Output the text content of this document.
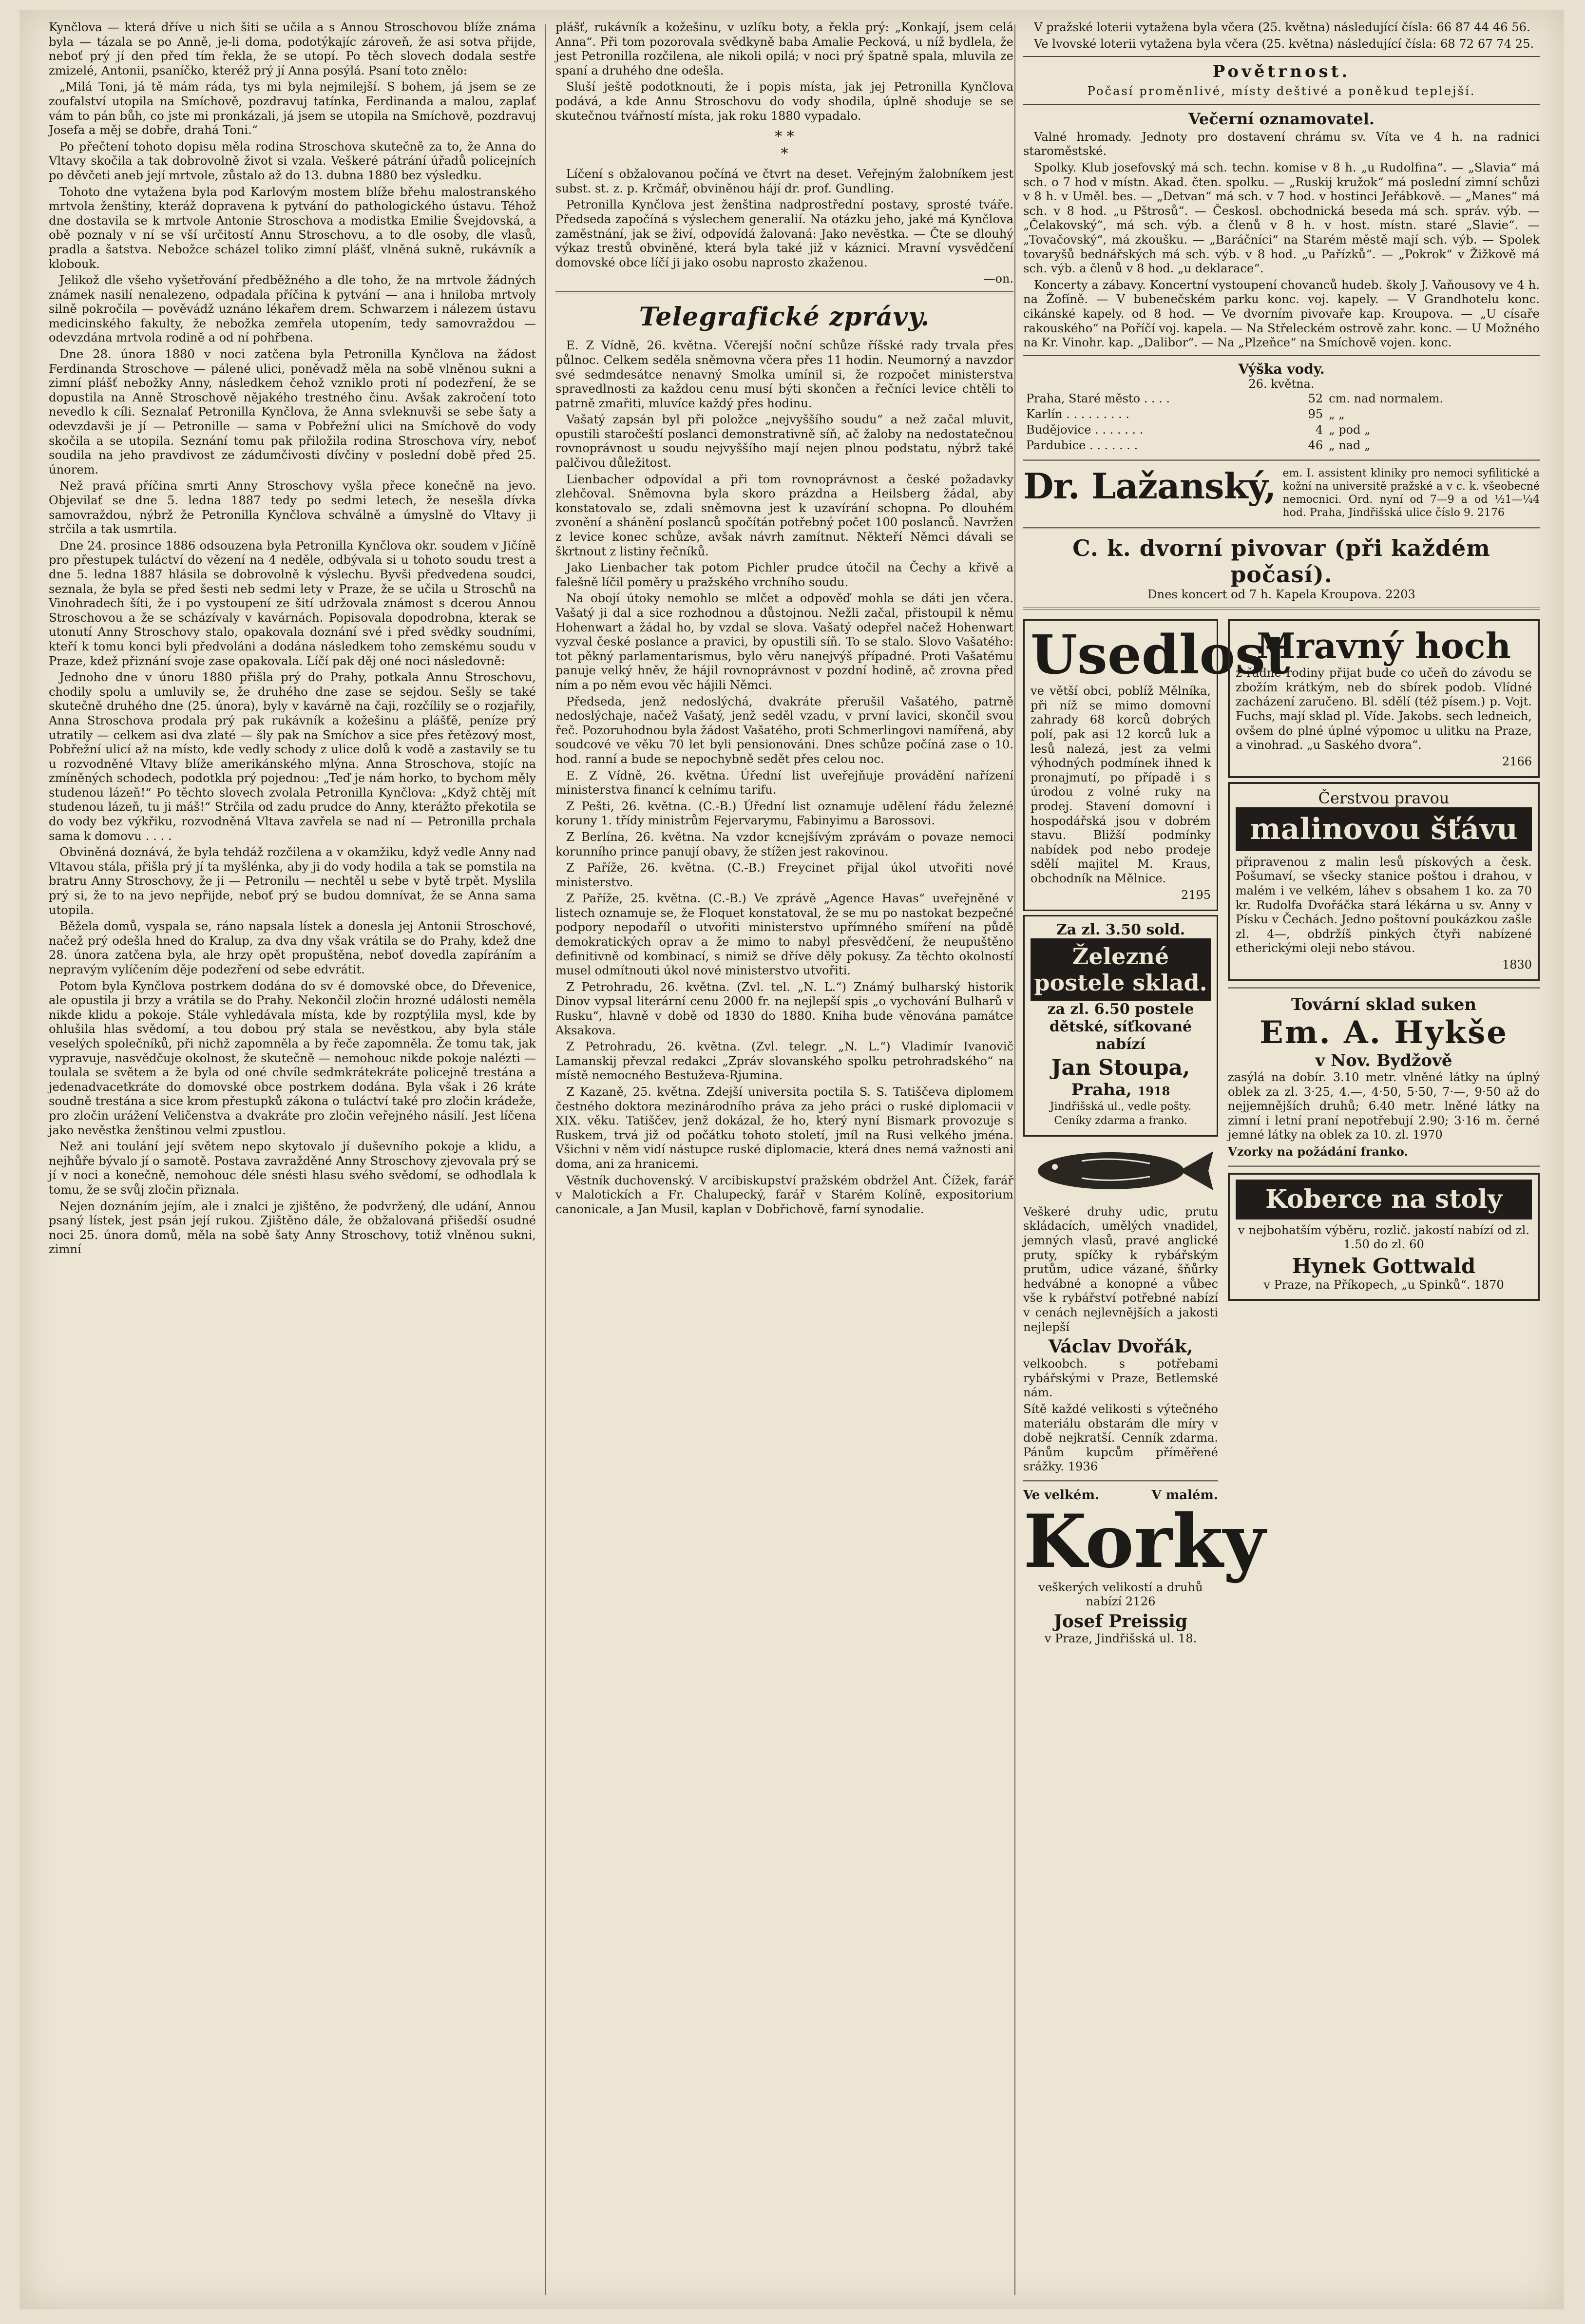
Kynčlova — která dříve u nich šiti se učila a s Annou Stroschovou blíže známa byla — tázala se po Anně, je-li doma, podotýkajíc zároveň, že asi sotva přijde, neboť prý jí den před tím řekla, že se utopí. Po těch slovech dodala sestře zmizelé, Antonii, psaníčko, kteréž prý jí Anna posýlá. Psaní toto znělo:

„Milá Toni, já tě mám ráda, tys mi byla nejmilejší. S bohem, já jsem se ze zoufalství utopila na Smíchově, pozdravuj tatínka, Ferdinanda a malou, zaplať vám to pán bůh, co jste mi pronkázali, já jsem se utopila na Smíchově, pozdravuj Josefa a měj se dobře, drahá Toni.“

Po přečtení tohoto dopisu měla rodina Stroschova skutečně za to, že Anna do Vltavy skočila a tak dobrovolně život si vzala. Veškeré pátrání úřadů policejních po děvčeti aneb její mrtvole, zůstalo až do 13. dubna 1880 bez výsledku.

Tohoto dne vytažena byla pod Karlovým mostem blíže břehu malostranského mrtvola ženštiny, kteráž dopravena k pytvání do pathologického ústavu. Téhož dne dostavila se k mrtvole Antonie Stroschova a modistka Emilie Švejdovská, a obě poznaly v ní se vší určitostí Annu Stroschovu, a to dle osoby, dle vlasů, pradla a šatstva. Nebožce scházel toliko zimní plášť, vlněná sukně, rukávník a klobouk.

Jelikož dle všeho vyšetřování předběžného a dle toho, že na mrtvole žádných známek nasilí nenalezeno, odpadala příčina k pytvání — ana i hniloba mrtvoly silně pokročila — pověvádž uznáno lékařem drem. Schwarzem i nálezem ústavu medicinského fakulty, že nebožka zemřela utopením, tedy samovraždou — odevzdána mrtvola rodině a od ní pohřbena.

Dne 28. února 1880 v noci zatčena byla Petronilla Kynčlova na žádost Ferdinanda Stroschove — pálené ulici, poněvadž měla na sobě vlněnou sukni a zimní plášť nebožky Anny, následkem čehož vzniklo proti ní podezření, že se dopustila na Anně Stroschově nějakého trestného činu. Avšak zakročení toto nevedlo k cíli. Seznalať Petronilla Kynčlova, že Anna svleknuvši se sebe šaty a odevzdavši je jí — Petronille — sama v Pobřežní ulici na Smíchově do vody skočila a se utopila. Seznání tomu pak přiložila rodina Stroschova víry, neboť soudila na jeho pravdivost ze zádumčivosti dívčiny v poslední době před 25. únorem.

Než pravá příčina smrti Anny Stroschovy vyšla přece konečně na jevo. Objevilať se dne 5. ledna 1887 tedy po sedmi letech, že nesešla dívka samovraždou, nýbrž že Petronilla Kynčlova schválně a úmyslně do Vltavy ji strčila a tak usmrtila.

Dne 24. prosince 1886 odsouzena byla Petronilla Kynčlova okr. soudem v Jičíně pro přestupek tuláctví do vězení na 4 neděle, odbývala si u tohoto soudu trest a dne 5. ledna 1887 hlásila se dobrovolně k výslechu. Byvši předvedena soudci, seznala, že byla se před šesti neb sedmi lety v Praze, že se učila u Stroschů na Vinohradech šíti, že i po vystoupení ze šití udržovala známost s dcerou Annou Stroschovou a že se scházívaly v kavárnách. Popisovala dopodrobna, kterak se utonutí Anny Stroschovy stalo, opakovala doznání své i před svědky soudními, kteří k tomu konci byli předvoláni a dodána následkem toho zemskému soudu v Praze, kdež přiznání svoje zase opakovala. Líčí pak děj oné noci následovně:

Jednoho dne v únoru 1880 přišla prý do Prahy, potkala Annu Stroschovu, chodily spolu a umluvily se, že druhého dne zase se sejdou. Sešly se také skutečně druhého dne (25. února), byly v kavárně na čaji, rozčílily se o rozjařily, Anna Stroschova prodala prý pak rukávník a kožešinu a plášťě, peníze prý utratily — celkem asi dva zlaté — šly pak na Smíchov a sice přes řetězový most, Pobřežní ulicí až na místo, kde vedly schody z ulice dolů k vodě a zastavily se tu u rozvodněné Vltavy blíže amerikánského mlýna. Anna Stroschova, stojíc na zmíněných schodech, podotkla prý pojednou: „Teď je nám horko, to bychom měly studenou lázeň!“ Po těchto slovech zvolala Petronilla Kynčlova: „Když chtěj mít studenou lázeň, tu ji máš!“ Strčila od zadu prudce do Anny, kterážto překotila se do vody bez výkřiku, rozvodněná Vltava zavřela se nad ní — Petronilla prchala sama k domovu . . . .

Obviněná doznává, že byla tehdáž rozčilena a v okamžiku, když vedle Anny nad Vltavou stála, přišla prý jí ta myšlénka, aby ji do vody hodila a tak se pomstila na bratru Anny Stroschovy, že ji — Petronilu — nechtěl u sebe v bytě trpět. Myslila prý si, že to na jevo nepřijde, neboť prý se budou domnívat, že se Anna sama utopila.

Běžela domů, vyspala se, ráno napsala lístek a donesla jej Antonii Stroschové, načež prý odešla hned do Kralup, za dva dny však vrátila se do Prahy, kdež dne 28. února zatčena byla, ale hrzy opět propuštěna, neboť dovedla zapíráním a nepravým vylíčením děje podezření od sebe edvrátit.

Potom byla Kynčlova postrkem dodána do sv é domovské obce, do Dřevenice, ale opustila ji brzy a vrátila se do Prahy. Nekončil zločin hrozné události neměla nikde klidu a pokoje. Stále vyhledávala místa, kde by rozptýlila mysl, kde by ohlušila hlas svědomí, a tou dobou prý stala se nevěstkou, aby byla stále veselých společníků, při nichž zapomněla a by řeče zapomněla. Že tomu tak, jak vypravuje, nasvědčuje okolnost, že skutečně — nemohouc nikde pokoje nalézti — toulala se světem a že byla od oné chvíle sedmkrátekráte policejně trestána a jedenadvacetkráte do domovské obce postrkem dodána. Byla však i 26 kráte soudně trestána a sice krom přestupků zákona o tuláctví také pro zločin krádeže, pro zločin urážení Veličenstva a dvakráte pro zločin veřejného násilí. Jest líčena jako nevěstka ženštinou velmi zpustlou.

Než ani toulání její světem nepo skytovalo jí duševního pokoje a klidu, a nejhůře bývalo jí o samotě. Postava zavražděné Anny Stroschovy zjevovala prý se jí v noci a konečně, nemohouc déle snésti hlasu svého svědomí, se odhodlala k tomu, že se svůj zločin přiznala.

Nejen doznáním jejím, ale i znalci je zjištěno, že podvržený, dle udání, Annou psaný lístek, jest psán její rukou. Zjištěno dále, že obžalovaná přišedší osudné noci 25. února domů, měla na sobě šaty Anny Stroschovy, totiž vlněnou sukni, zimní

plášť, rukávník a kožešinu, v uzlíku boty, a řekla prý: „Konkají, jsem celá Anna“. Při tom pozorovala svědkyně baba Amalie Pecková, u níž bydlela, že jest Petronilla rozčilena, ale nikoli opilá; v noci prý špatně spala, mluvila ze spaní a druhého dne odešla.

Sluší ještě podotknouti, že i popis místa, jak jej Petronilla Kynčlova podává, a kde Annu Stroschovu do vody shodila, úplně shoduje se se skutečnou tvářností místa, jak roku 1880 vypadalo.

* *
*

Líčení s obžalovanou počíná ve čtvrt na deset. Veřejným žalobníkem jest subst. st. z. p. Krčmář, obviněnou hájí dr. prof. Gundling.

Petronilla Kynčlova jest ženština nadprostřední postavy, sprosté tváře. Předseda započíná s výslechem generalií. Na otázku jeho, jaké má Kynčlova zaměstnání, jak se živí, odpovídá žalovaná: Jako nevěstka. — Čte se dlouhý výkaz trestů obviněné, která byla také již v káznici. Mravní vysvědčení domovské obce líčí ji jako osobu naprosto zkaženou.

—on.
Telegrafické zprávy.

E. Z Vídně, 26. května. Včerejší noční schůze říšské rady trvala přes půlnoc. Celkem seděla sněmovna včera přes 11 hodin. Neumorný a navzdor své sedmdesátce nenavný Smolka umínil si, že rozpočet ministerstva spravedlnosti za každou cenu musí býti skončen a řečníci levice chtěli to patrně zmařiti, mluvíce každý přes hodinu.

Vašatý zapsán byl při položce „nejvyššího soudu“ a než začal mluvit, opustili staročeští poslanci demonstrativně síň, ač žaloby na nedostatečnou rovnoprávnost u soudu nejvyššího mají nejen plnou podstatu, nýbrž také palčivou důležitost.

Lienbacher odpovídal a při tom rovnoprávnost a české požadavky zlehčoval. Sněmovna byla skoro prázdna a Heilsberg žádal, aby konstatovalo se, zdali sněmovna jest k uzavírání schopna. Po dlouhém zvonění a shánění poslanců spočítán potřebný počet 100 poslanců. Navržen z levice konec schůze, avšak návrh zamítnut. Někteří Němci dávali se škrtnout z listiny řečníků.

Jako Lienbacher tak potom Pichler prudce útočil na Čechy a křivě a falešně líčil poměry u pražského vrchního soudu.

Na obojí útoky nemohlo se mlčet a odpověď mohla se dáti jen včera. Vašatý ji dal a sice rozhodnou a důstojnou. Nežli začal, přistoupil k němu Hohenwart a žádal ho, by vzdal se slova. Vašatý odepřel načež Hohenwart vyzval české poslance a pravici, by opustili síň. To se stalo. Slovo Vašatého: tot pěkný parlamentarismus, bylo věru nanejvýš případné. Proti Vašatému panuje velký hněv, že hájil rovnoprávnost v pozdní hodině, ač zrovna před ním a po něm evou věc hájili Němci.

Předseda, jenž nedoslýchá, dvakráte přerušil Vašatého, patrně nedoslýchaje, načež Vašatý, jenž seděl vzadu, v první lavici, skončil svou řeč. Pozoruhodnou byla žádost Vašatého, proti Schmerlingovi namířená, aby soudcové ve věku 70 let byli pensionováni. Dnes schůze počíná zase o 10. hod. ranní a bude se nepochybně sedět přes celou noc.

E. Z Vídně, 26. května. Úřední list uveřejňuje provádění nařízení ministerstva financí k celnímu tarifu.

Z Pešti, 26. května. (C.-B.) Úřední list oznamuje udělení řádu železné koruny 1. třídy ministrům Fejervarymu, Fabinyimu a Barossovi.

Z Berlína, 26. května. Na vzdor kcnejšívým zprávám o povaze nemoci korunního prince panují obavy, že stížen jest rakovinou.

Z Paříže, 26. května. (C.-B.) Freycinet přijal úkol utvořiti nové ministerstvo.

Z Paříže, 25. května. (C.-B.) Ve zprávě „Agence Havas“ uveřejněné v listech oznamuje se, že Floquet konstatoval, že se mu po nastokat bezpečné podpory nepodaříl o utvořiti ministerstvo upřímného smíření na půdě demokratických oprav a že mimo to nabyl přesvědčení, že neupuštěno definitivně od kombinací, s nimiž se dříve děly pokusy. Za těchto okolností musel odmítnouti úkol nové ministerstvo utvořiti.

Z Petrohradu, 26. května. (Zvl. tel. „N. L.“) Známý bulharský historik Dinov vypsal literární cenu 2000 fr. na nejlepší spis „o vychování Bulharů v Rusku“, hlavně v době od 1830 do 1880. Kniha bude věnována památce Aksakova.

Z Petrohradu, 26. května. (Zvl. telegr. „N. L.“) Vladimír Ivanovič Lamanskij převzal redakci „Zpráv slovanského spolku petrohradského“ na místě nemocného Bestuževa-Rjumina.

Z Kazaně, 25. května. Zdejší universita poctila S. S. Tatiščeva diplomem čestného doktora mezinárodního práva za jeho práci o ruské diplomacii v XIX. věku. Tatiščev, jenž dokázal, že ho, který nyní Bismark provozuje s Ruskem, trvá již od počátku tohoto století, jmíl na Rusi velkého jména. Všichni v něm vidí nástupce ruské diplomacie, která dnes nemá važnosti ani doma, ani za hranicemi.

Věstník duchovenský. V arcibiskupství pražském obdržel Ant. Čížek, farář v Malotickích a Fr. Chalupecký, farář v Starém Kolíně, expositorium canonicale, a Jan Musil, kaplan v Dobřichově, farní synodalie.

V pražské loterii vytažena byla včera (25. května) následující čísla: 66 87 44 46 56.

Ve lvovské loterii vytažena byla včera (25. května) následující čísla: 68 72 67 74 25.

Povětrnost.

Počasí proměnlivé, místy deštivé a poněkud teplejší.

Večerní oznamovatel.

Valné hromady. Jednoty pro dostavení chrámu sv. Víta ve 4 h. na radnici staroměstské.

Spolky. Klub josefovský má sch. techn. komise v 8 h. „u Rudolfina“. — „Slavia“ má sch. o 7 hod v místn. Akad. čten. spolku. — „Ruskij kružok“ má poslední zimní schůzi v 8 h. v Uměl. bes. — „Detvan“ má sch. v 7 hod. v hostinci Jeřábkově. — „Manes“ má sch. v 8 hod. „u Pštrosů“. — Českosl. obchodnická beseda má sch. správ. výb. — „Čelakovský“, má sch. výb. a členů v 8 h. v host. místn. staré „Slavie“. — „Tovačovský“, má zkoušku. — „Baráčníci“ na Starém městě mají sch. výb. — Spolek tovaryšů bednářských má sch. výb. v 8 hod. „u Pařízků“. — „Pokrok“ v Žižkově má sch. výb. a členů v 8 hod. „u deklarace“.

Koncerty a zábavy. Koncertní vystoupení chovanců hudeb. školy J. Vaňousovy ve 4 h. na Žofíně. — V bubenečském parku konc. voj. kapely. — V Grandhotelu konc. cikánské kapely. od 8 hod. — Ve dvorním pivovaře kap. Kroupova. — „U císaře rakouského“ na Poříčí voj. kapela. — Na Střeleckém ostrově zahr. konc. — U Možného na Kr. Vinohr. kap. „Dalibor“. — Na „Plzeňce“ na Smíchově vojen. konc.

Výška vody.
26. května.
Praha, Staré město . . . .	52	cm. nad normalem.
Karlín . . . . . . . . .	95	„ „
Budějovice . . . . . . .	4	„ pod „
Pardubice . . . . . . .	46	„ nad „
Dr. Lažanský, em. I. assistent kliniky pro nemoci syfilitické a kožní na universitě pražské a v c. k. všeobecné nemocnici. Ord. nyní od 7—9 a od ½1—¼4 hod. Praha, Jindřišská ulice číslo 9. 2176

C. k. dvorní pivovar (při každém počasí).

Dnes koncert od 7 h. Kapela Kroupova. 2203

Usedlost

ve větší obci, poblíž Mělníka, při níž se mimo domovní zahrady 68 korců dobrých polí, pak asi 12 korců luk a lesů nalezá, jest za velmi výhodných podmínek ihned k pronajmutí, po případě i s úrodou z volné ruky na prodej. Stavení domovní i hospodářská jsou v dobrém stavu. Bližší podmínky nabídek pod nebo prodeje sdělí majitel M. Kraus, obchodník na Mělnice.

2195
Za zl. 3.50 sold.
Železné postele sklad.

za zl. 6.50 postele dětské, síťkované nabízí

Jan Stoupa,
Praha, 1918

Jindřišská ul., vedle pošty. Ceníky zdarma a franko.

Veškeré druhy udic, prutu skládacích, umělých vnadidel, jemných vlasů, pravé anglické pruty, spíčky k rybářským prutům, udice vázané, šňůrky hedvábné a konopné a vůbec vše k rybářství potřebné nabízí v cenách nejlevnějších a jakosti nejlepší

Václav Dvořák,

velkoobch. s potřebami rybářskými v Praze, Betlemské nám.

Sítě každé velikosti s výtečného materiálu obstarám dle míry v době nejkratší. Cenník zdarma. Pánům kupcům příměřené srážky. 1936

Ve velkém.	V malém.
Korky

veškerých velikostí a druhů nabízí 2126

Josef Preissig

v Praze, Jindřišská ul. 18.

Mravný hoch

z řádné rodiny přijat bude co učeň do závodu se zbožím krátkým, neb do sbírek podob. Vlídné zacházení zaručeno. Bl. sdělí (též písem.) p. Vojt. Fuchs, mají sklad pl. Víde. Jakobs. sech ledneich, ovšem do plné úplné výpomoc u ulitku na Praze, a vinohrad. „u Saského dvora“.

2166
Čerstvou pravou
malinovou šťávu

připravenou z malin lesů pískových a česk. Pošumaví, se všecky stanice poštou i drahou, v malém i ve velkém, láhev s obsahem 1 ko. za 70 kr. Rudolfa Dvořáčka stará lékárna u sv. Anny v Písku v Čechách. Jedno poštovní poukázkou zašle zl. 4—, obdržíš pinkých čtyři nabízené etherickými oleji nebo stávou.

1830
Tovární sklad suken
Em. A. Hykše
v Nov. Bydžově

zasýlá na dobír. 3.10 metr. vlněné látky na úplný oblek za zl. 3·25, 4.—, 4·50, 5·50, 7·—, 9·50 až do nejjemnějších druhů; 6.40 metr. lněné látky na zimní i letní praní nepotřebují 2.90; 3·16 m. černé jemné látky na oblek za 10. zl. 1970

Vzorky na požádání franko.

Koberce na stoly

v nejbohatším výběru, rozlič. jakostí nabízí od zl. 1.50 do zl. 60

Hynek Gottwald

v Praze, na Příkopech, „u Spinků“. 1870
